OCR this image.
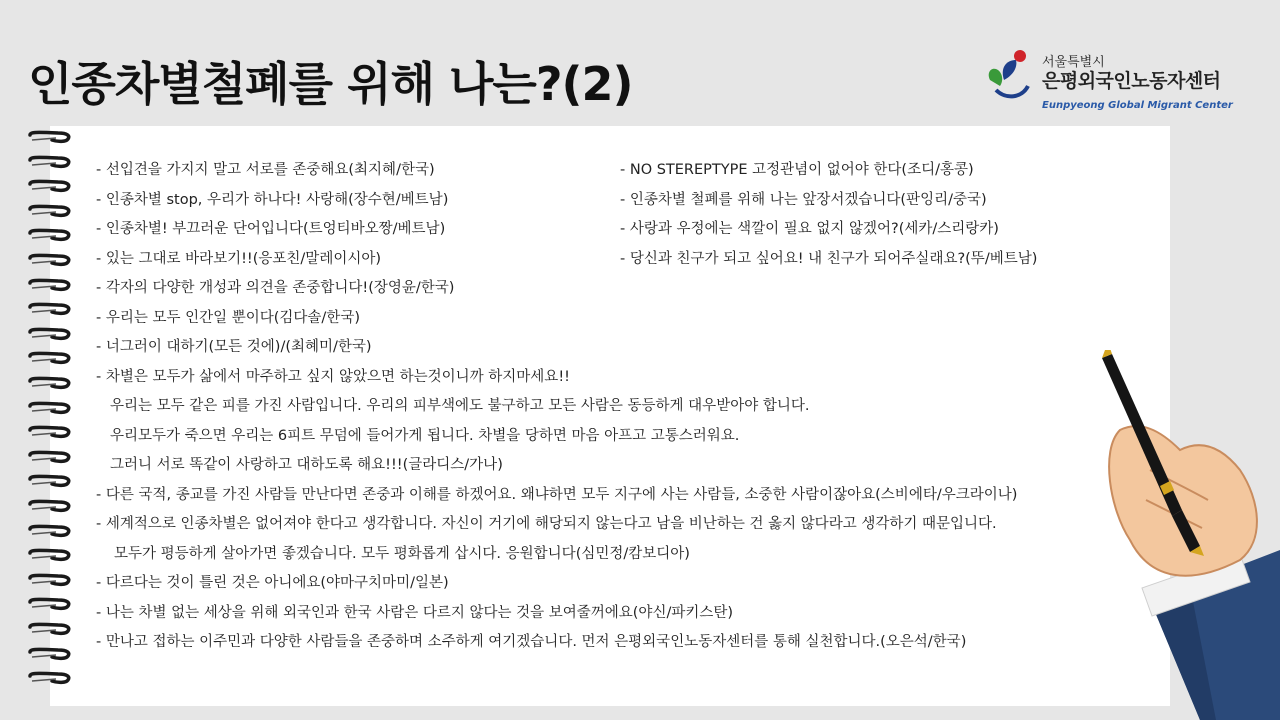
인종차별철폐를 위해 나는?(2)	서울특별시
은평외국인노동자센터
Eunpyeong Global Migrant Center
- 선입견을 가지지 말고 서로를 존중해요(최지혜/한국)
- 인종차별 stop, 우리가 하나다! 사랑해(장수현/베트남)
- 인종차별! 부끄러운 단어입니다(트엉티바오짱/베트남)
- 있는 그대로 바라보기!!(응포친/말레이시아)
- 각자의 다양한 개성과 의견을 존중합니다!(장영윤/한국)
- 우리는 모두 인간일 뿐이다(김다솔/한국)
- 너그러이 대하기(모든 것에)/(최혜미/한국)
- 차별은 모두가 삶에서 마주하고 싶지 않았으면 하는것이니까 하지마세요!!
우리는 모두 같은 피를 가진 사람입니다. 우리의 피부색에도 불구하고 모든 사람은 동등하게 대우받아야 합니다.
우리모두가 죽으면 우리는 6피트 무덤에 들어가게 됩니다. 차별을 당하면 마음 아프고 고통스러워요.
그러니 서로 똑같이 사랑하고 대하도록 해요!!!(글라디스/가나)
- 다른 국적, 종교를 가진 사람들 만난다면 존중과 이해를 하겠어요. 왜냐하면 모두 지구에 사는 사람들, 소중한 사람이잖아요(스비에타/우크라이나)
- 세계적으로 인종차별은 없어져야 한다고 생각합니다. 자신이 거기에 해당되지 않는다고 남을 비난하는 건 옳지 않다라고 생각하기 때문입니다.
모두가 평등하게 살아가면 좋겠습니다. 모두 평화롭게 삽시다. 응원합니다(심민정/캄보디아)
- 다르다는 것이 틀린 것은 아니에요(야마구치마미/일본)
- 나는 차별 없는 세상을 위해 외국인과 한국 사람은 다르지 않다는 것을 보여줄꺼에요(야신/파키스탄)
- 만나고 접하는 이주민과 다양한 사람들을 존중하며 소주하게 여기겠습니다. 먼저 은평외국인노동자센터를 통해 실천합니다.(오은석/한국)
- NO STEREPTYPE 고정관념이 없어야 한다(조디/홍콩)
- 인종차별 철폐를 위해 나는 앞장서겠습니다(판잉리/중국)
- 사랑과 우정에는 색깔이 필요 없지 않겠어?(세카/스리랑카)
- 당신과 친구가 되고 싶어요! 내 친구가 되어주실래요?(뚜/베트남)
